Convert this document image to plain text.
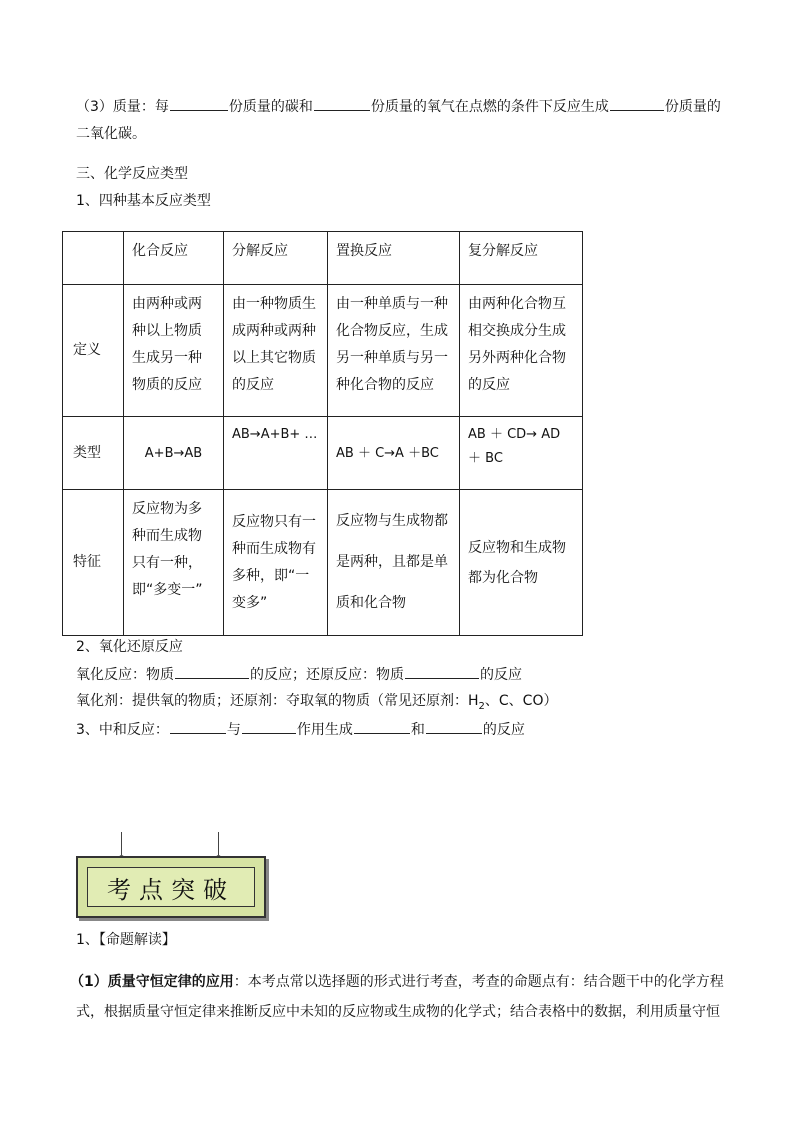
（3）质量：每	份质量的碳和	份质量的氧气在点燃的条件下反应生成	份质量的
二氧化碳。
三、化学反应类型
1、四种基本反应类型
	化合反应	分解反应	置换反应	复分解反应
定义	由两种或两种以上物质生成另一种物质的反应	由一种物质生成两种或两种以上其它物质的反应	由一种单质与一种化合物反应，生成另一种单质与另一种化合物的反应	由两种化合物互相交换成分生成另外两种化合物的反应
类型	A+B→AB	AB→A+B+ …	AB ＋ C→A ＋BC	AB ＋ CD→ AD ＋ BC
特征	反应物为多种而生成物只有一种，即“多变一”	反应物只有一种而生成物有多种，即“一变多”	反应物与生成物都是两种，且都是单质和化合物	反应物和生成物都为化合物
2、氧化还原反应
氧化反应：物质	的反应；还原反应：物质	的反应
氧化剂：提供氧的物质；还原剂：夺取氧的物质（常见还原剂：$H_2$、C、CO）
3、中和反应：	与	作用生成	和	的反应
考点突破
1、【命题解读】
（1）质量守恒定律的应用：本考点常以选择题的形式进行考查，考查的命题点有：结合题干中的化学方程
式，根据质量守恒定律来推断反应中未知的反应物或生成物的化学式；结合表格中的数据，利用质量守恒
